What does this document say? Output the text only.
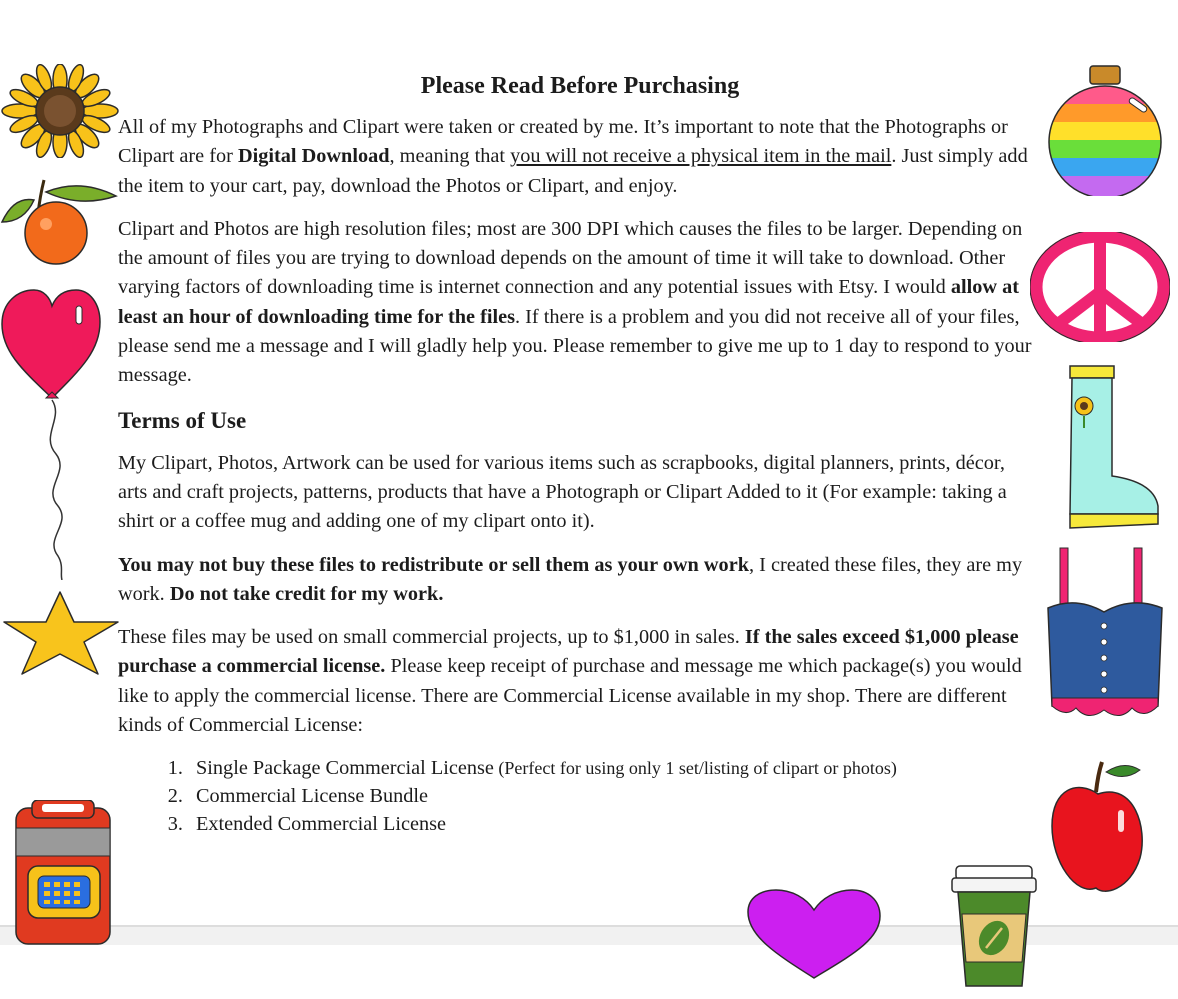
Please Read Before Purchasing

All of my Photographs and Clipart were taken or created by me. It’s important to note that the Photographs or Clipart are for Digital Download, meaning that you will not receive a physical item in the mail. Just simply add the item to your cart, pay, download the Photos or Clipart, and enjoy.

Clipart and Photos are high resolution files; most are 300 DPI which causes the files to be larger. Depending on the amount of files you are trying to download depends on the amount of time it will take to download. Other varying factors of downloading time is internet connection and any potential issues with Etsy. I would allow at least an hour of downloading time for the files. If there is a problem and you did not receive all of your files, please send me a message and I will gladly help you. Please remember to give me up to 1 day to respond to your message.

Terms of Use

My Clipart, Photos, Artwork can be used for various items such as scrapbooks, digital planners, prints, décor, arts and craft projects, patterns, products that have a Photograph or Clipart Added to it (For example: taking a shirt or a coffee mug and adding one of my clipart onto it).

You may not buy these files to redistribute or sell them as your own work, I created these files, they are my work. Do not take credit for my work.

These files may be used on small commercial projects, up to $1,000 in sales. If the sales exceed $1,000 please purchase a commercial license. Please keep receipt of purchase and message me which package(s) you would like to apply the commercial license. There are Commercial License available in my shop. There are different kinds of Commercial License:

1. Single Package Commercial License (Perfect for using only 1 set/listing of clipart or photos)
2. Commercial License Bundle
3. Extended Commercial License
